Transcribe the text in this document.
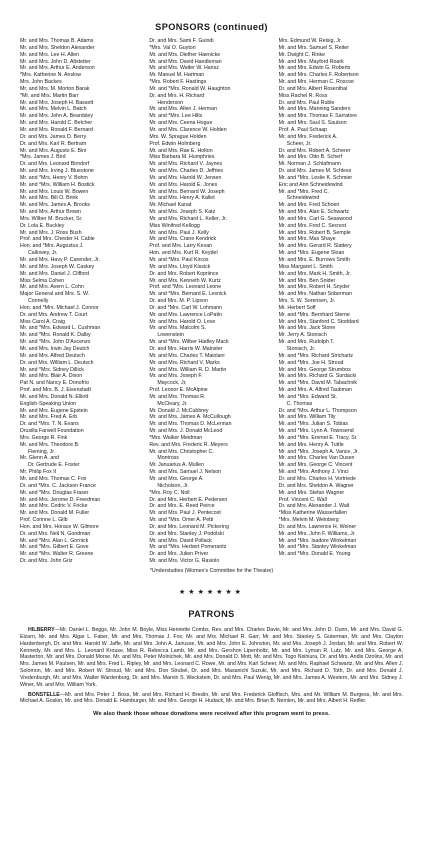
SPONSORS (continued)
Mr. and Mrs. Thomas B. Adams
Mr. and Mrs. Sheldon Alexander
Mr. and Mrs. Lee H. Allen
Mr. and Mrs. John D. Altstetter
Mr. and Mrs. Arthur E. Anderson
*Mrs. Katherine N. Anslow
Mrs. John Backes
Mr. and Mrs. M. Morton Barak
*Mr. and Mrs. Martin Barr
Mr. and Mrs. Joseph H. Bassett
Mr. and Mrs. Melvin L. Batch
Mr. and Mrs. John A. Beardsley
Mr. and Mrs. Harold C. Belcher
Mr. and Mrs. Ronald F. Bernard
Dr. and Mrs. James D. Berry
Dr. and Mrs. Karl R. Bertram
Mr. and Mrs. Augusto E. Bini
*Mrs. James J. Bird
Dr. and Mrs. Leonard Birndorf
Mr. and Mrs. Irving J. Bluestone
Mr. and *Mrs. Henry V. Bohm
Mr. and *Mrs. William H. Bostick
Mr. and Mrs. Louis W. Bowen
Mr. and Mrs. Bill O. Brink
Mr. and Mrs. James A. Brooks
Mr. and Mrs. Arthur Brown
Mrs. Wilber M. Brucker, Sr.
Dr. Lola E. Buckley
Mr. and Mrs. J. Ross Bush
Prof. and Mrs. Chester H. Cable
Hon. and *Mrs. Augustus J.
Callowey, Jr.
Mr. and Mrs. Havy P. Carender, Jr.
Mr. and Mrs. Joseph W. Caskey
Mr. and Mrs. Daniel J. Clifford
Miss Selma Cohen
Mr. and Mrs. Avern L. Cohn
Major General and Mrs. S. W.
Connelly
Hon. and *Mrs. Michael J. Connor
Dr. and Mrs. Andrew T. Court
Miss Carol A. Craig
Mr. and *Mrs. Edward L. Cushman
Mr. and *Mrs. Ronald K. Dalby
Mr. and *Mrs. John D'Ascenzo
Mr. and Mrs. Irwin Jay Deutch
Mr. and Mrs. Alfred Deutsch
Dr. and Mrs. William L. Deutsch
Mr. and *Mrs. Sidney Dillick
Mr. and Mrs. Blair A. Dixon
Pat N. and Nancy E. Donofrio
Prof. and Mrs. B. J. Eisenstadt
Mr. and Mrs. Donald N. Elliott
English-Speaking Union
Mr. and Mrs. Eugene Epstein
Mr. and Mrs. Fred A. Erb
Dr. and *Mrs. T. N. Evans
Drusilla Farwell Foundation
Mrs. George R. Fink
Mr. and Mrs. Theodore B.
Fleming, Jr.
Mr. Glenn A. and
Dr. Gertrude E. Foster
Mr. Philip Fox II
Mr. and Mrs. Thomas C. Fox
Dr. and *Mrs. C. Jackson France
Mr. and *Mrs. Douglas Fraser
Mr. and Mrs. Jerome D. Freedman
Mr. and Mrs. Cedric V. Fricke
Mr. and Mrs. Donald M. Fuller
Prof. Corinne L. Gilb
Hon. and Mrs. Horace W. Gilmore
Dr. and Mrs. Neil N. Goodman
Mr. and *Mrs. Alan L. Gornick
Mr. and *Mrs. Gilbert E. Gove
Mr. and *Mrs. Walter R. Greene
Dr. and Mrs. John Griz
Dr. and Mrs. Sami F. Guindi
*Mrs. Val O. Guyton
Mr. and Mrs. Diether Haenicke
Mr. and Mrs. David Handleman
Mr. and Mrs. Walter W. Hansz
Mr. Manuel M. Hartman
*Mrs. Robert F. Hastings
Mr. and *Mrs. Ronald W. Haughton
Dr. and Mrs. H. Richard
Henderson
Mr. and Mrs. Allen J. Herman
Mr. and *Mrs. Lee Hills
Mr. and Mrs. Ceena Hogue
Mr. and Mrs. Clarence W. Holden
Mrs. W. Sprague Holden
Prof. Edwin Holmberg
Mr. and Mrs. Rae E. Holton
Miss Barbara M. Humphries
Mr. and Mrs. Richard V. Jaynes
Mr. and Mrs. Charles D. Jeffries
Mr. and Mrs. Harold W. Jensen
Mr. and Mrs. Harold E. Jones
Mr. and Mrs. Bernard W. Joseph
Mr. and Mrs. Henry A. Kallet
Mr. Michael Kanat
Mr. and Mrs. Joseph S. Katz
Mr. and Mrs. Richard L. Keller, Jr.
Miss Winifred Kellogg
Mr. and Mrs. Paul J. Kelly
Mr. and Mrs. Crane Kendrick
Prof. and Mrs. Larry Kevan
Hon. and Mrs. Kurt R. Keydel
Mr. and *Mrs. Paul Kircos
Mr. and Mrs. Lloyd Kissick
Dr. and Mrs. Robert Kopriince
Mr. and Mrs. Kenneth W. Kurtz
Prof. and *Mrs. Leonard Leone
Mr. and *Mrs. Bernard E. Lesnick
Dr. and Mrs. M. P. Lipson
Dr. and *Mrs. Carl W. Lohmann
Mr. and Mrs. Lawrence LoPatin
Mr. and Mrs. Harold O. Love
Mr. and Mrs. Malcolm S.
Lowenstein
Mr. and *Mrs. Wilber Hadley Mack
Dr. and Mrs. Harris W. Mainster
Mr. and Mrs. Charles T. Maiolani
Mr. and Mrs. Richard V. Marks
Mr. and Mrs. William R. D. Martin
Mr. and Mrs. Joseph F.
Maycock, Jr.
Prof. Leonor E. McAlpine
Mr. and Mrs. Thomas R.
McCleary, Jr.
Mr. Donald J. McCubbrey
Mr. and Mrs. James A. McCullough
Mr. and Mrs. Thomas D. McLennan
Mr. and Mrs. J. Donald McLeod
*Mrs. Walker Meidman
Rev. and Mrs. Frederic R. Meyers
Mr. and Mrs. Christopher C.
Montross
Mr. Januarius A. Mullen
Mr. and Mrs. Samuel J. Nelson
Mr. and Mrs. George A.
Nicholson, Jr.
*Mrs. Roy C. Noll
Dr. and Mrs. Herbert E. Pedersen
Dr. and Mrs. E. Reed Peirce
Mr. and Mrs. Paul J. Pentecost
Mr. and *Mrs. Omer A. Petti
Dr. and Mrs. Leonard M. Pickering
Dr. and Mrs. Stanley J. Podolski
Mr. and Mrs. David Pollack
Mr. and *Mrs. Herbert Pomerantz
Dr. and Mrs. Julien Priver
Mr. and Mrs. Victor G. Raviolo
Mrs. Edmund W. Reisig, Jr.
Mr. and Mrs. Samuel S. Reiter
Mr. Dwight C. Rinke
Mr. and Mrs. Mayford Roark
Mr. and Mrs. Edwin G. Roberts
Mr. and Mrs. Charles F. Robertson
Mr. and Mrs. Herman C. Roscoe
Dr. and Mrs. Albert Rosenthal
Miss Rachel R. Ross
Dr. and Mrs. Paul Ruble
Mr. and Mrs. Manning Sanders
Mr. and Mrs. Thomas F. Sarratore
Mr. and Mrs. Saul S. Saulson
Prof. A. Paul Schaap
Mr. and Mrs. Frederick A.
Scheer, Jr.
Dr. and Mrs. Robert A. Scherer
Mr. and Mrs. Otto B. Scherf
Mr. Norman J. Schlafmann
Dr. and Mrs. James M. Schless
Mr. and *Mrs. Leslie K. Schmier
Eric and Ann Schneidewind
Mr. and *Mrs. Fred C.
Schneidewind
Mr. and Mrs. Fred Schoen
Mr. and Mrs. Alan E. Schwartz
Mr. and Mrs. Carl G. Seaswood
Mr. and Mrs. Fred C. Secrest
Mr. and Mrs. Robert B. Semple
Mr. and Mrs. Max Shaye
Mr. and Mrs. Gerard R. Slattery
Mr. and *Mrs. Eugene Sloan
Mr. and Mrs. E. Burrows Smith
Miss Margaret L. Smith
Mr. and Mrs. Mark H. Smith, Jr.
Mr. and Mrs. Ben Snider
Mr. and Mrs. Robert H. Snyder
Mr. and Mrs. Nathan Soberman
Mrs. S. W. Sorensen, Jr.
Mr. Herbert Soff
Mr. and *Mrs. Bernhard Sterne
Mr. and Mrs. Stanford C. Stoddard
Mr. and Mrs. Jack Stone
Mr. Jerry A. Stonisch
Mr. and Mrs. Rudolph T.
Stonisch, Jr.
Mr. and *Mrs. Richard Strichartz
Mr. and *Mrs. Joe H. Stroud
Mr. and Mrs. George Strumbos
Mr. and Mrs. Richard G. Surdacki
Mr. and *Mrs. David M. Tabachnik
Mr. and Mrs. A. Alfred Taubman
Mr. and *Mrs. Edward St.
C. Thomas
Dr. and *Mrs. Arthur L. Thompson
Mr. and Mrs. William Tily
Mr. and *Mrs. Julian S. Tobias
Mr. and *Mrs. Lynn A. Townsend
Mr. and *Mrs. Emmet E. Tracy, Sr.
Mr. and Mrs. Henry A. Tuttle
Mr. and *Mrs. Joseph A. Vance, Jr.
Mr. and Mrs. Charles Van Dusen
Mr. and Mrs. George C. Vincent
Mr. and *Mrs. Anthony J. Vinci
Dr. and Mrs. Charles H. Vortriede
Dr. and Mrs. Sheldon A. Wagner
Mr. and Mrs. Stefan Wagner
Prof. Vincent C. Wall
Dr. and Mrs. Alexander J. Walt
*Miss Katherine Wasserfallen
*Mrs. Melvin M. Weinberg
Dr. and Mrs. Lawrence H. Weiner
Mr. and Mrs. John F. Williams, Jr.
Mr. and *Mrs. Isadore Winkelman
Mr. and *Mrs. Stanley Winkelman
Mr. and *Mrs. Donald E. Young
*Understudies (Women's Committee for the Theatre)
★★★★★★★
PATRONS

HILBERRY—Mr. Daniel L. Beggs, Mr. John M. Boyle, Miss Henriette Combs, Rev. and Mrs. Charles Davis, Mr. and Mrs. John D. Dunn, Mr. and Mrs. David G. Elzarn, Mr. and Mrs. Algar L. Faber, Mr. and Mrs. Thomas J. Fox, Mr. and Mrs. Michael R. Garr, Mr. and Mrs. Stanley S. Guterman, Mr. and Mrs. Clayton Hardenbergh, Dr. and Mrs. Harold W. Jaffe, Mr. and Mrs. John A. Janusse, Mr. and Mrs. John E. Johnston, Mr. and Mrs. Joseph J. Jordan, Mr. and Mrs. Robert W. Kennedy, Mr. and Mrs. L. Leonard Krouse, Miss R. Rebecca Lamb, Mr. and Mrs. Gershon Lipenholtz, Mr. and Mrs. Lyman R. Lutz, Mr. and Mrs. George A. Masterton, Mr. and Mrs. Donald Morse, Mr. and Mrs. Peter Molnichek, Mr. and Mrs. Donald D. Mott, Mr. and Mrs. Togo Nishiura, Dr. and Mrs. Andis Ozolins, Mr. and Mrs. James M. Paulsen, Mr. and Mrs. Fred L. Ripley, Mr. and Mrs. Leonard C. Rowe, Mr. and Mrs. Karl Scheer, Mr. and Mrs. Raphael Schwartz, Mr. and Mrs. Allen J. Solomon, Mr. and Mrs. Robert W. Stroud, Mr. and Mrs. Don Strubel, Dr. and Mrs. Masanichi Suzuki, Mr. and Mrs. Richard D. Toth, Dr. and Mrs. Donald J. Vredenburgh, Mr. and Mrs. Walter Wardenburg, Dr. and Mrs. Marvin S. Weckstein, Dr. and Mrs. Paul Wenig, Mr. and Mrs. James A. Western, Mr. and Mrs. Sidney J. Winer, Mr. and Mrs. William York.

BONSTELLE—Mr. and Mrs. Peter J. Boss, Mr. and Mrs. Richard H. Breslin, Mr. and Mrs. Frederick Gloffisch, Mrs. and Mr. William M. Burgess, Mr. and Mrs. Michael A. Goskin, Mr. and Mrs. Donald E. Hamburger, Mr. and Mrs. George H. Hudack, Mr. and Mrs. Brian B. Nemlen, Mr. and Mrs. Albert H. Reifler.

We also thank those whose donations were received after this program went to press.
